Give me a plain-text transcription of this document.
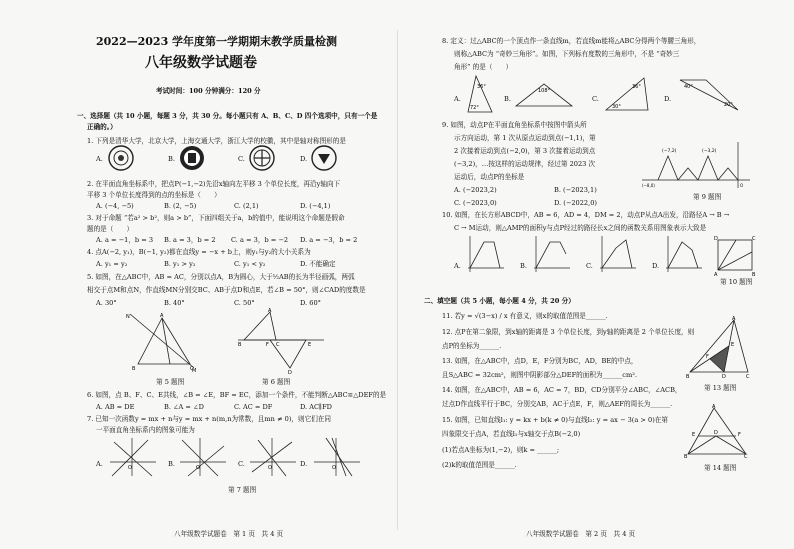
2022—2023 学年度第一学期期末教学质量检测
八年级数学试题卷
考试时间：100 分钟满分：120 分
一、选择题（共 10 小题，每题 3 分，共 30 分。每小题只有 A、B、C、D 四个选项中，只有一个是
正确的。）
1. 下列是清华大学，北京大学，上海交通大学，浙江大学的校徽，其中是轴对称图形的是
A.	B.	C.	D.
2. 在平面直角坐标系中，把点P(−1,−2)先沿x轴向左平移 3 个单位长度，再沿y轴向下
平移 3 个单位长度得到的点的坐标是（　　）
A. (−4, −5)	B. (2, −5)	C. (2,1)	D. (−4,1)
3. 对于命题 “若a² > b²，则a > b”，下面四组关于a，b的值中，能说明这个命题是假命
题的是（　　）
A. a = −1，b = 3 B. a = 3，b = 2 C. a = 3，b = −2 D. a = −3，b = 2
4. 点A(−2, y₁)，B(−1, y₂)都在直线y = −x + b上，则y₁与y₂的大小关系为
A. y₁ = y₂	B. y₁ > y₂	C. y₁ < y₂	D. 不能确定
5. 如图，在△ABC中，AB = AC，分别以点A，B为圆心，大于½AB的长为半径画弧，两弧
相交于点M和点N，作直线MN分别交BC、AB于点D和点E，若∠B = 50°，则∠CAD的度数是
A. 30°	B. 40°	C. 50°	D. 60°
N
M
A
B	C
第 5 题图
A
B	F C	E
D
第 6 题图
6. 如图，点 B、F、C、E共线，∠B = ∠E，BF = EC，添加一个条件，不能判断△ABC≌△DEF的是
A. AB = DE	B. ∠A = ∠D	C. AC = DF	D. AC∥FD
7. 已知一次函数y = mx + n与y = mx + n(m,n为常数，且mn ≠ 0)，则它们在同
一平面直角坐标系内的图象可能为
A.	O	B.	O	C.	O	D.	O
第 7 题图
八年级数学试题卷　第 1 页　共 4 页
8. 定义：过△ABC的一个顶点作一条直线m，若直线m能将△ABC分得两个等腰三角形，
则称△ABC为 “奇妙三角形”。如图，下列标有度数的三角形中，不是 “奇妙三
角形” 的是（　　）
A.
36°
72°
B.
108°
C.
36°
30°
D.
40°
20°
9. 如图，动点P在平面直角坐标系中按图中箭头所
示方向运动，第 1 次从原点运动到点(−1,1)，第
2 次接着运动到点(−2,0)，第 3 次接着运动到点
(−3,2)，…按这样的运动规律，经过第 2023 次
运动后，动点P的坐标是
A. (−2023,2)	B. (−2023,1)
C. (−2023,0)	D. (−2022,0)
(−3,2)
(−7,2)
(−8,0)	O
第 9 题图
10. 如图，在长方形ABCD中，AB = 6，AD = 4，DM = 2，动点P从点A出发，沿路径A → B →
C → M运动，则△AMP的面积y与点P经过的路径长x之间的函数关系用图象表示大致是
A.	B.	C.	D.
D	C
A	B
第 10 题图
二、填空题（共 5 小题，每小题 4 分，共 20 分）
11. 若y = √(3−x) / x 有意义，则x的取值范围是______.
12. 点P在第二象限，到x轴的距离是 3 个单位长度，到y轴的距离是 2 个单位长度，则
点P的坐标为______.
13. 如图，在△ABC中，点D，E，F分别为BC，AD，BE的中点，
且S△ABC = 32cm²，则图中阴影部分△DEF的面积为______cm².
A
B	D	C
E
F
第 13 题图
14. 如图，在△ABC中，AB = 6，AC = 7，BD，CD分别平分∠ABC，∠ACB，
过点D作直线平行于BC，分别交AB，AC于点E，F，则△AEF的周长为______.
15. 如图，已知直线l₁: y = kx + b(k ≠ 0)与直线l₂: y = ax − 3(a > 0)在第
四象限交于点A，若直线l₁与x轴交于点B(−2,0)
(1)若点A坐标为(1,−2)，则k = ______;
(2)k的取值范围是______.
A
B	C
E	F
D
第 14 题图
八年级数学试题卷　第 2 页　共 4 页
